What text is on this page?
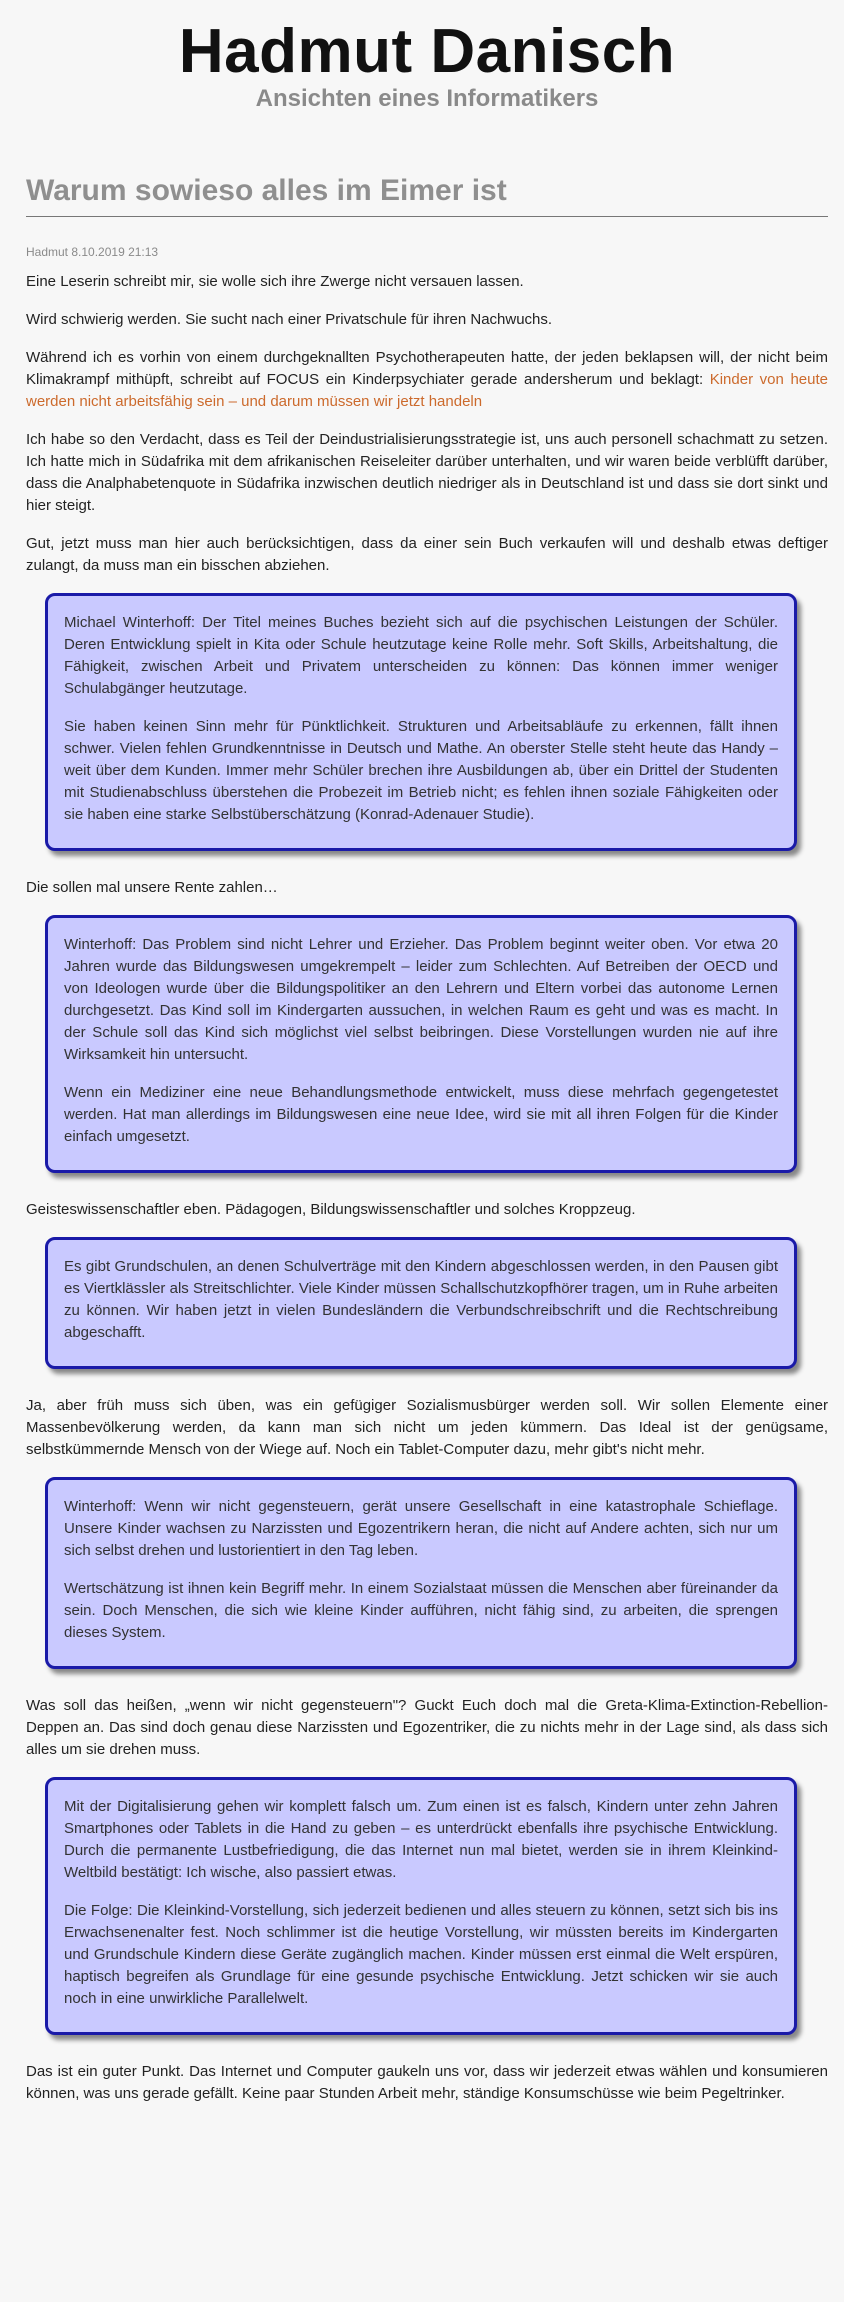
Hadmut Danisch
Ansichten eines Informatikers
Warum sowieso alles im Eimer ist
Hadmut 8.10.2019 21:13

Eine Leserin schreibt mir, sie wolle sich ihre Zwerge nicht versauen lassen.

Wird schwierig werden. Sie sucht nach einer Privatschule für ihren Nachwuchs.

Während ich es vorhin von einem durchgeknallten Psychotherapeuten hatte, der jeden beklapsen will, der nicht beim Klimakrampf mithüpft, schreibt auf FOCUS ein Kinderpsychiater gerade andersherum und beklagt: Kinder von heute werden nicht arbeitsfähig sein – und darum müssen wir jetzt handeln

Ich habe so den Verdacht, dass es Teil der Deindustrialisierungsstrategie ist, uns auch personell schachmatt zu setzen. Ich hatte mich in Südafrika mit dem afrikanischen Reiseleiter darüber unterhalten, und wir waren beide verblüfft darüber, dass die Analphabetenquote in Südafrika inzwischen deutlich niedriger als in Deutschland ist und dass sie dort sinkt und hier steigt.

Gut, jetzt muss man hier auch berücksichtigen, dass da einer sein Buch verkaufen will und deshalb etwas deftiger zulangt, da muss man ein bisschen abziehen.

Michael Winterhoff: Der Titel meines Buches bezieht sich auf die psychischen Leistungen der Schüler. Deren Entwicklung spielt in Kita oder Schule heutzutage keine Rolle mehr. Soft Skills, Arbeitshaltung, die Fähigkeit, zwischen Arbeit und Privatem unterscheiden zu können: Das können immer weniger Schulabgänger heutzutage.

Sie haben keinen Sinn mehr für Pünktlichkeit. Strukturen und Arbeitsabläufe zu erkennen, fällt ihnen schwer. Vielen fehlen Grundkenntnisse in Deutsch und Mathe. An oberster Stelle steht heute das Handy – weit über dem Kunden. Immer mehr Schüler brechen ihre Ausbildungen ab, über ein Drittel der Studenten mit Studienabschluss überstehen die Probezeit im Betrieb nicht; es fehlen ihnen soziale Fähigkeiten oder sie haben eine starke Selbstüberschätzung (Konrad-Adenauer Studie).

Die sollen mal unsere Rente zahlen…

Winterhoff: Das Problem sind nicht Lehrer und Erzieher. Das Problem beginnt weiter oben. Vor etwa 20 Jahren wurde das Bildungswesen umgekrempelt – leider zum Schlechten. Auf Betreiben der OECD und von Ideologen wurde über die Bildungspolitiker an den Lehrern und Eltern vorbei das autonome Lernen durchgesetzt. Das Kind soll im Kindergarten aussuchen, in welchen Raum es geht und was es macht. In der Schule soll das Kind sich möglichst viel selbst beibringen. Diese Vorstellungen wurden nie auf ihre Wirksamkeit hin untersucht.

Wenn ein Mediziner eine neue Behandlungsmethode entwickelt, muss diese mehrfach gegengetestet werden. Hat man allerdings im Bildungswesen eine neue Idee, wird sie mit all ihren Folgen für die Kinder einfach umgesetzt.

Geisteswissenschaftler eben. Pädagogen, Bildungswissenschaftler und solches Kroppzeug.

Es gibt Grundschulen, an denen Schulverträge mit den Kindern abgeschlossen werden, in den Pausen gibt es Viertklässler als Streitschlichter. Viele Kinder müssen Schallschutzkopfhörer tragen, um in Ruhe arbeiten zu können. Wir haben jetzt in vielen Bundesländern die Verbundschreibschrift und die Rechtschreibung abgeschafft.

Ja, aber früh muss sich üben, was ein gefügiger Sozialismusbürger werden soll. Wir sollen Elemente einer Massenbevölkerung werden, da kann man sich nicht um jeden kümmern. Das Ideal ist der genügsame, selbstkümmernde Mensch von der Wiege auf. Noch ein Tablet-Computer dazu, mehr gibt's nicht mehr.

Winterhoff: Wenn wir nicht gegensteuern, gerät unsere Gesellschaft in eine katastrophale Schieflage. Unsere Kinder wachsen zu Narzissten und Egozentrikern heran, die nicht auf Andere achten, sich nur um sich selbst drehen und lustorientiert in den Tag leben.

Wertschätzung ist ihnen kein Begriff mehr. In einem Sozialstaat müssen die Menschen aber füreinander da sein. Doch Menschen, die sich wie kleine Kinder aufführen, nicht fähig sind, zu arbeiten, die sprengen dieses System.

Was soll das heißen, „wenn wir nicht gegensteuern"? Guckt Euch doch mal die Greta-Klima-Extinction-Rebellion-Deppen an. Das sind doch genau diese Narzissten und Egozentriker, die zu nichts mehr in der Lage sind, als dass sich alles um sie drehen muss.

Mit der Digitalisierung gehen wir komplett falsch um. Zum einen ist es falsch, Kindern unter zehn Jahren Smartphones oder Tablets in die Hand zu geben – es unterdrückt ebenfalls ihre psychische Entwicklung. Durch die permanente Lustbefriedigung, die das Internet nun mal bietet, werden sie in ihrem Kleinkind-Weltbild bestätigt: Ich wische, also passiert etwas.

Die Folge: Die Kleinkind-Vorstellung, sich jederzeit bedienen und alles steuern zu können, setzt sich bis ins Erwachsenenalter fest. Noch schlimmer ist die heutige Vorstellung, wir müssten bereits im Kindergarten und Grundschule Kindern diese Geräte zugänglich machen. Kinder müssen erst einmal die Welt erspüren, haptisch begreifen als Grundlage für eine gesunde psychische Entwicklung. Jetzt schicken wir sie auch noch in eine unwirkliche Parallelwelt.

Das ist ein guter Punkt. Das Internet und Computer gaukeln uns vor, dass wir jederzeit etwas wählen und konsumieren können, was uns gerade gefällt. Keine paar Stunden Arbeit mehr, ständige Konsumschüsse wie beim Pegeltrinker.
